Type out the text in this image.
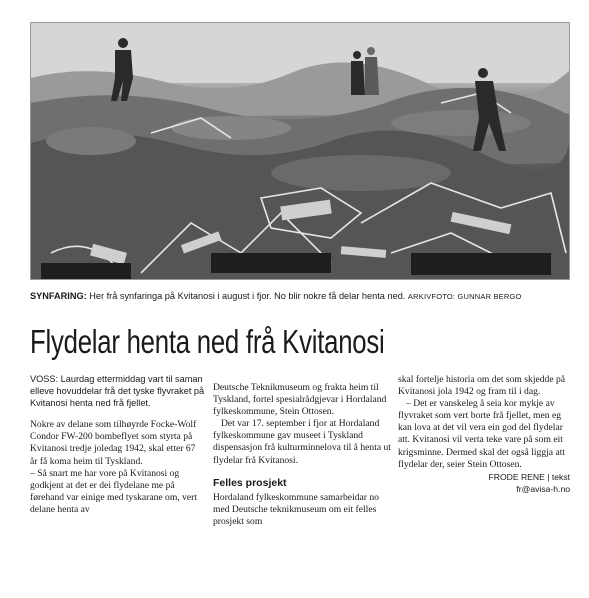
SYNFARING: Her frå synfaringa på Kvitanosi i august i fjor. No blir nokre få delar henta ned. ARKIVFOTO: GUNNAR BERGO
Flydelar henta ned frå Kvitanosi

VOSS: Laurdag ettermiddag vart til saman elleve hovuddelar frå det tyske flyvraket på Kvitanosi henta ned frå fjellet.

Nokre av delane som tilhøyrde Focke-Wolf Condor FW-200 bombeflyet som styrta på Kvitanosi tredje joledag 1942, skal etter 67 år få koma heim til Tyskland.

– Så snart me har vore på Kvitanosi og godkjent at det er dei flydelane me på førehand var einige med tyskarane om, vert delane henta av

Deutsche Teknikmuseum og frakta heim til Tyskland, fortel spesialrådgjevar i Hordaland fylkeskommune, Stein Ottosen.

Det var 17. september i fjor at Hordaland fylkeskommune gav museet i Tyskland dispensasjon frå kulturminnelova til å henta ut flydelar frå Kvitanosi.

Felles prosjekt

Hordaland fylkeskommune samarbeidar no med Deutsche teknikmuseum om eit felles prosjekt som

skal fortelje historia om det som skjedde på Kvitanosi jola 1942 og fram til i dag.

– Det er vanskeleg å seia kor mykje av flyvraket som vert borte frå fjellet, men eg kan lova at det vil vera ein god del flydelar att. Kvitanosi vil verta teke vare på som eit krigsminne. Dermed skal det også liggja att flydelar der, seier Stein Ottosen.

FRODE RENE | tekst
fr@avisa-h.no
